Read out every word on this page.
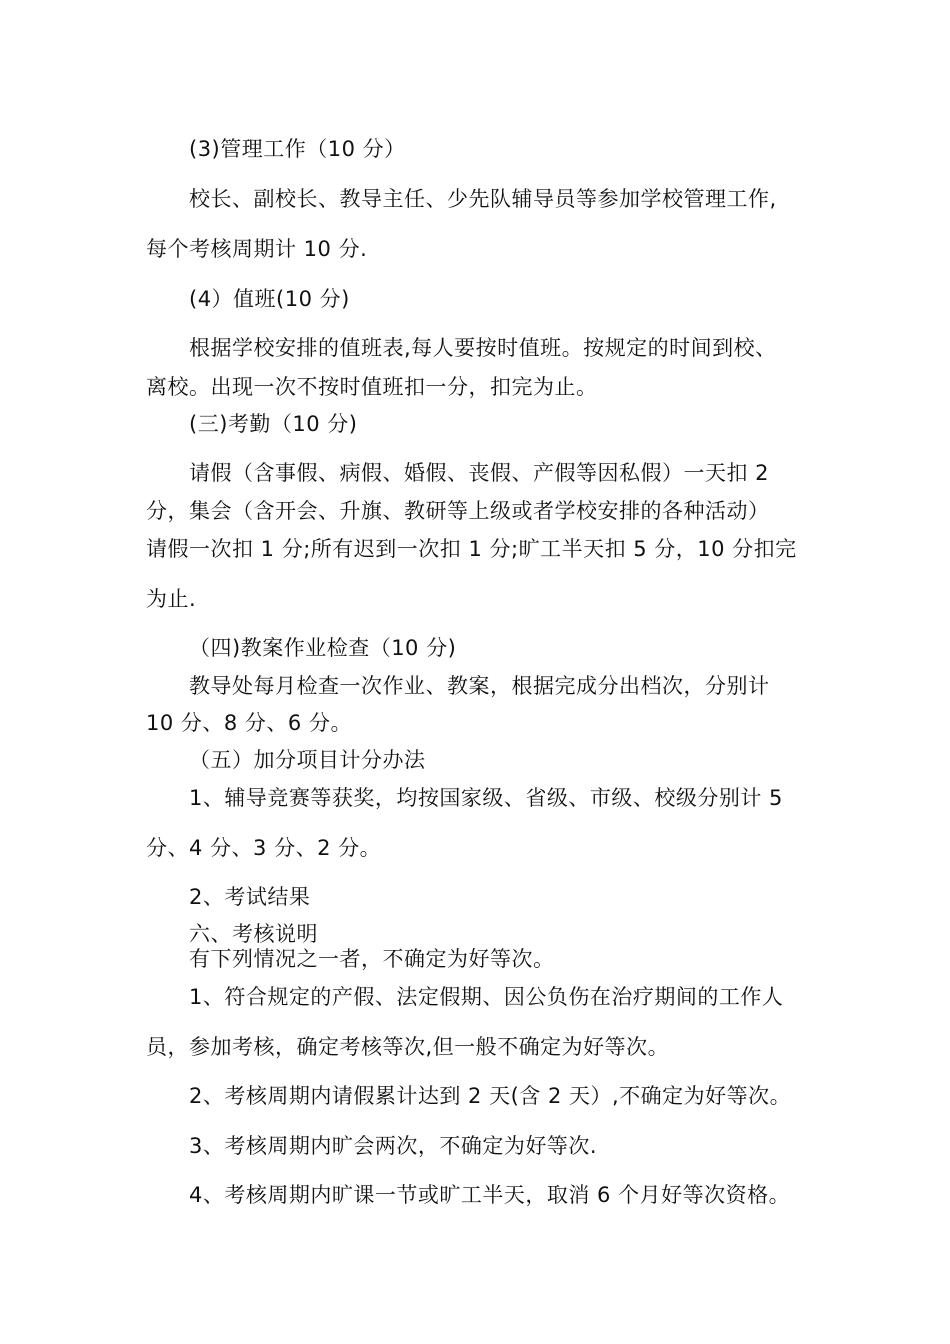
(3)管理工作（10 分）
校长、副校长、教导主任、少先队辅导员等参加学校管理工作,
每个考核周期计 10 分.
(4）值班(10 分)
根据学校安排的值班表,每人要按时值班。按规定的时间到校、
离校。出现一次不按时值班扣一分，扣完为止。
(三)考勤（10 分)
请假（含事假、病假、婚假、丧假、产假等因私假）一天扣 2
分，集会（含开会、升旗、教研等上级或者学校安排的各种活动）
请假一次扣 1 分;所有迟到一次扣 1 分;旷工半天扣 5 分，10 分扣完
为止.
（四)教案作业检查（10 分)
教导处每月检查一次作业、教案，根据完成分出档次，分别计
10 分、8 分、6 分。
（五）加分项目计分办法
1、辅导竞赛等获奖，均按国家级、省级、市级、校级分别计 5
分、4 分、3 分、2 分。
2、考试结果
六、考核说明
有下列情况之一者，不确定为好等次。
1、符合规定的产假、法定假期、因公负伤在治疗期间的工作人
员，参加考核，确定考核等次,但一般不确定为好等次。
2、考核周期内请假累计达到 2 天(含 2 天）,不确定为好等次。
3、考核周期内旷会两次，不确定为好等次.
4、考核周期内旷课一节或旷工半天，取消 6 个月好等次资格。
